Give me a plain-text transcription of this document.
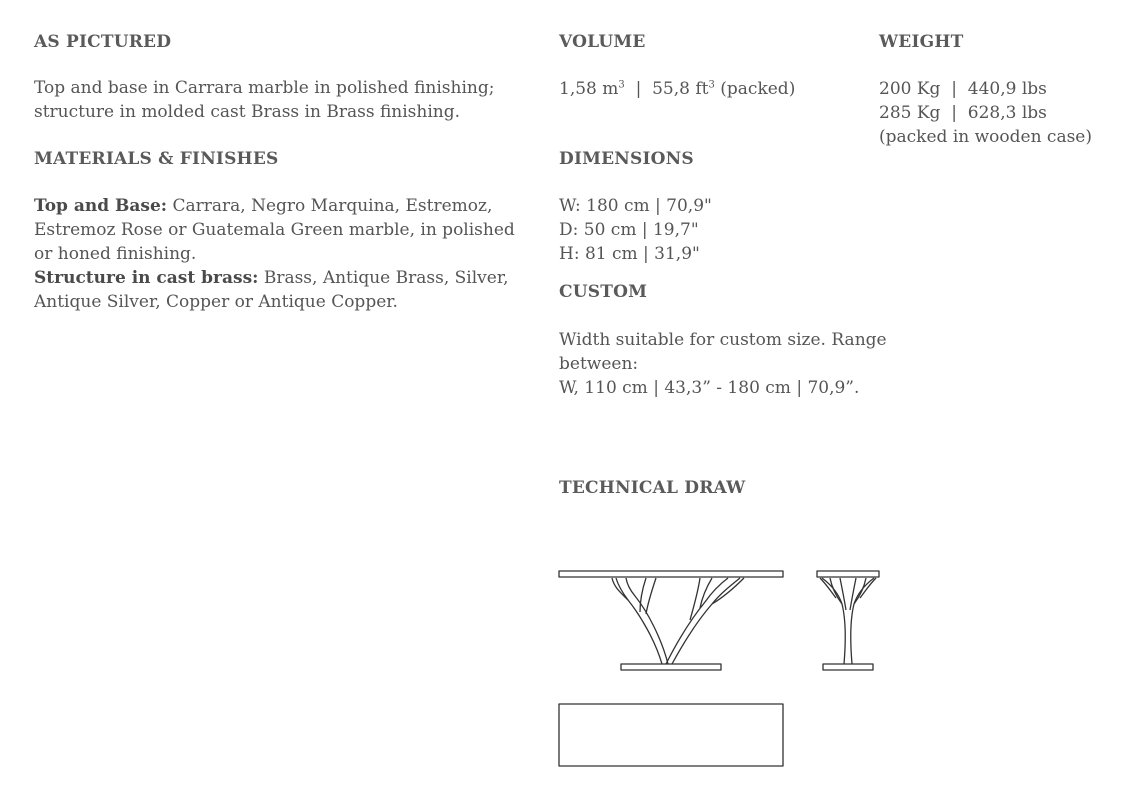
AS PICTURED

Top and base in Carrara marble in polished finishing;
structure in molded cast Brass in Brass finishing.

MATERIALS & FINISHES

Top and Base: Carrara, Negro Marquina, Estremoz,
Estremoz Rose or Guatemala Green marble, in polished
or honed finishing.
Structure in cast brass: Brass, Antique Brass, Silver,
Antique Silver, Copper or Antique Copper.

VOLUME

1,58 $m^3$  |  55,8 $ft^3$ (packed)

WEIGHT

200 Kg  |  440,9 lbs
285 Kg  |  628,3 lbs
(packed in wooden case)

DIMENSIONS

W: 180 cm | 70,9"
D: 50 cm | 19,7"
H: 81 cm | 31,9"

CUSTOM

Width suitable for custom size. Range
between:
W, 110 cm | 43,3” - 180 cm | 70,9”.

TECHNICAL DRAW
